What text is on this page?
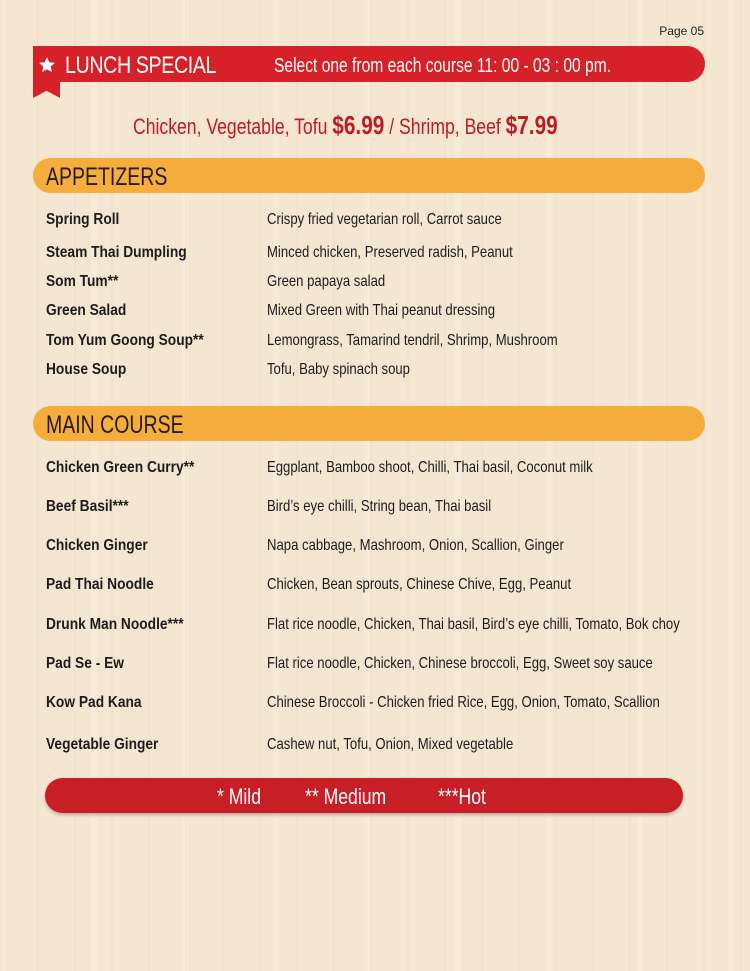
Page 05
LUNCH SPECIAL	Select one from each course 11: 00 - 03 : 00 pm.
Chicken, Vegetable, Tofu $6.99 / Shrimp, Beef $7.99
APPETIZERS
Spring Roll	Crispy fried vegetarian roll, Carrot sauce
Steam Thai Dumpling	Minced chicken, Preserved radish, Peanut
Som Tum**	Green papaya salad
Green Salad	Mixed Green with Thai peanut dressing
Tom Yum Goong Soup**	Lemongrass, Tamarind tendril, Shrimp, Mushroom
House Soup	Tofu, Baby spinach soup
MAIN COURSE
Chicken Green Curry**	Eggplant, Bamboo shoot, Chilli, Thai basil, Coconut milk
Beef Basil***	Bird’s eye chilli, String bean, Thai basil
Chicken Ginger	Napa cabbage, Mashroom, Onion, Scallion, Ginger
Pad Thai Noodle	Chicken, Bean sprouts, Chinese Chive, Egg, Peanut
Drunk Man Noodle***	Flat rice noodle, Chicken, Thai basil, Bird’s eye chilli, Tomato, Bok choy
Pad Se - Ew	Flat rice noodle, Chicken, Chinese broccoli, Egg, Sweet soy sauce
Kow Pad Kana	Chinese Broccoli - Chicken fried Rice, Egg, Onion, Tomato, Scallion
Vegetable Ginger	Cashew nut, Tofu, Onion, Mixed vegetable
* Mild ** Medium ***Hot
